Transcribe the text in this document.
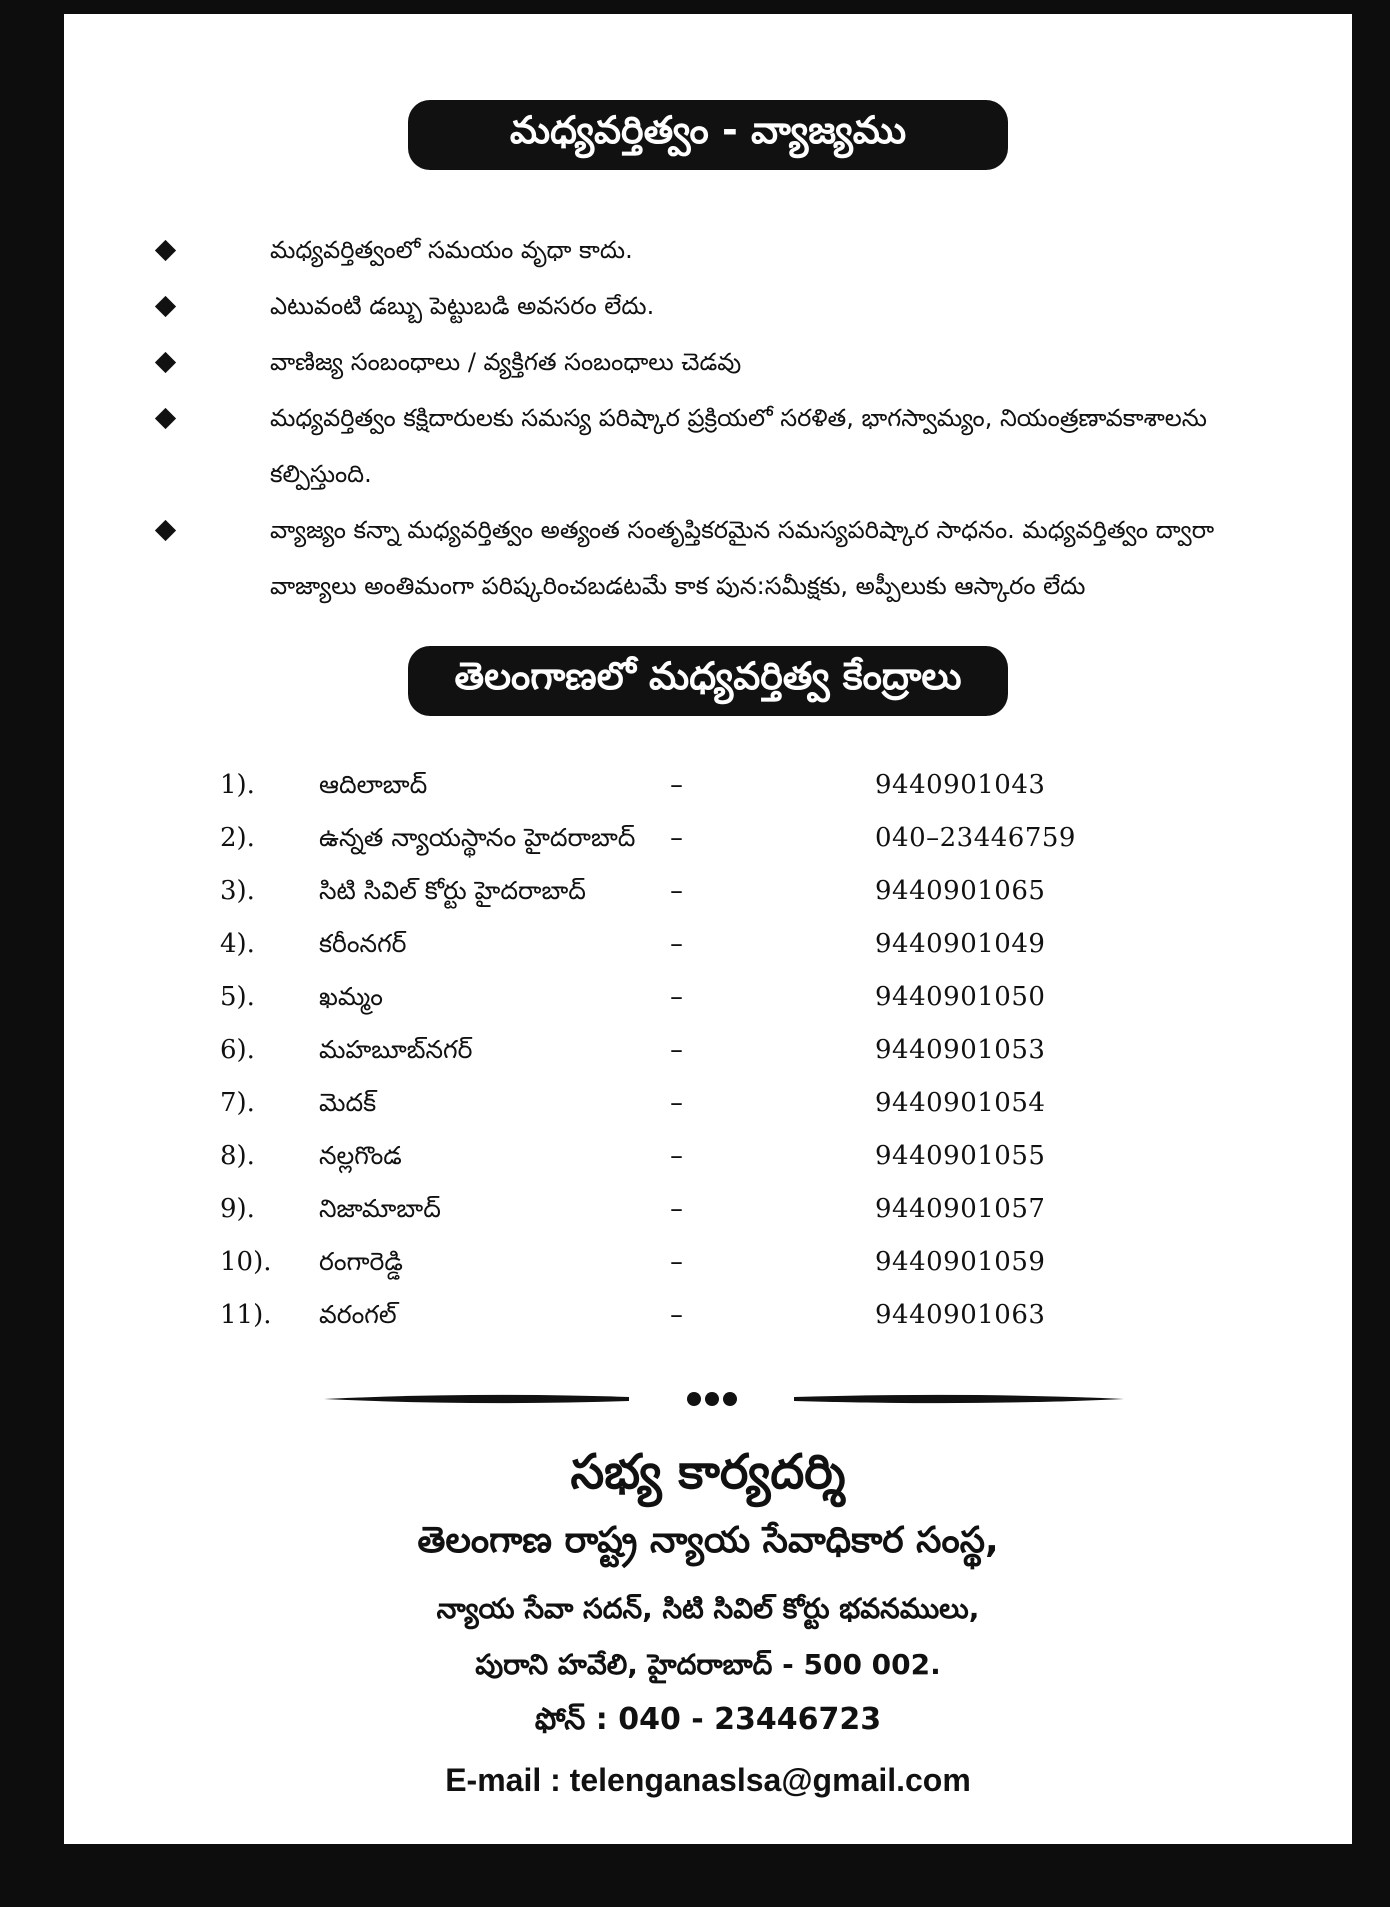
మధ్యవర్తిత్వం - వ్యాజ్యము
మధ్యవర్తిత్వంలో సమయం వృధా కాదు.
ఎటువంటి డబ్బు పెట్టుబడి అవసరం లేదు.
వాణిజ్య సంబంధాలు / వ్యక్తిగత సంబంధాలు చెడవు
మధ్యవర్తిత్వం కక్షిదారులకు సమస్య పరిష్కార ప్రక్రియలో సరళిత, భాగస్వామ్యం, నియంత్రణావకాశాలను కల్పిస్తుంది.
వ్యాజ్యం కన్నా మధ్యవర్తిత్వం అత్యంత సంతృప్తికరమైన సమస్యపరిష్కార సాధనం. మధ్యవర్తిత్వం ద్వారా వాజ్యాలు అంతిమంగా పరిష్కరించబడటమే కాక పున:సమీక్షకు, అప్పీలుకు ఆస్కారం లేదు
తెలంగాణలో మధ్యవర్తిత్వ కేంద్రాలు
1).	ఆదిలాబాద్	–	9440901043
2).	ఉన్నత న్యాయస్థానం హైదరాబాద్ –	040–23446759
3).	సిటి సివిల్ కోర్టు హైదరాబాద్	–	9440901065
4).	కరీంనగర్	–	9440901049
5).	ఖమ్మం	–	9440901050
6).	మహబూబ్‌నగర్	–	9440901053
7).	మెదక్	–	9440901054
8).	నల్లగొండ	–	9440901055
9).	నిజామాబాద్	–	9440901057
10). రంగారెడ్డి	–	9440901059
11). వరంగల్	–	9440901063
సభ్య కార్యదర్శి
తెలంగాణ రాష్ట్ర న్యాయ సేవాధికార సంస్థ,
న్యాయ సేవా సదన్, సిటి సివిల్ కోర్టు భవనములు,
పురాని హవేలి, హైదరాబాద్ - 500 002.
ఫోన్ : 040 - 23446723
E-mail : telenganaslsa@gmail.com
